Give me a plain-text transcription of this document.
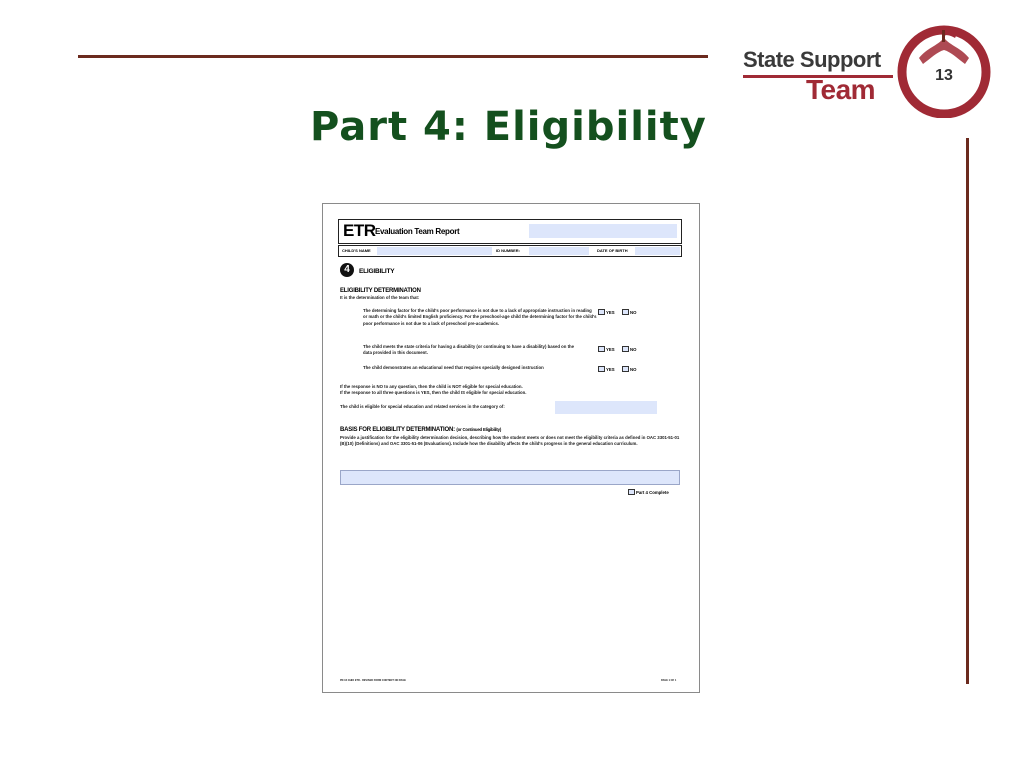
State Support
Team	13
Part 4: Eligibility
ETR Evaluation Team Report
CHILD'S NAME	ID NUMBER:	DATE OF BIRTH
4	ELIGIBILITY
ELIGIBILITY DETERMINATION
It is the determination of the team that:
The determining factor for the child's poor performance is not due to a lack of appropriate instruction in reading or math or the child's limited English proficiency. For the preschool-age child the determining factor for the child's poor performance is not due to a lack of preschool pre-academics.
YES	NO
The child meets the state criteria for having a disability (or continuing to have a disability) based on the data provided in this document.
YES	NO
The child demonstrates an educational need that requires specially designed instruction	YES	NO
If the response is NO to any question, then the child is NOT eligible for special education.
If the response to all three questions is YES, then the child IS eligible for special education.
The child is eligible for special education and related services in the category of:
BASIS FOR ELIGIBILITY DETERMINATION: (or Continued Eligibility)
Provide a justification for the eligibility determination decision, describing how the student meets or does not meet the eligibility criteria as defined in OAC 3301-51-01 (B)(10) (Definitions) and OAC 3301-51-06 (Evaluations). Include how the disability affects the child's progress in the general education curriculum.
Part 4 Complete
PR-04 OHIO ETR · REVISED FORM CONTENT ON PAGE	PAGE 1 OF 1
